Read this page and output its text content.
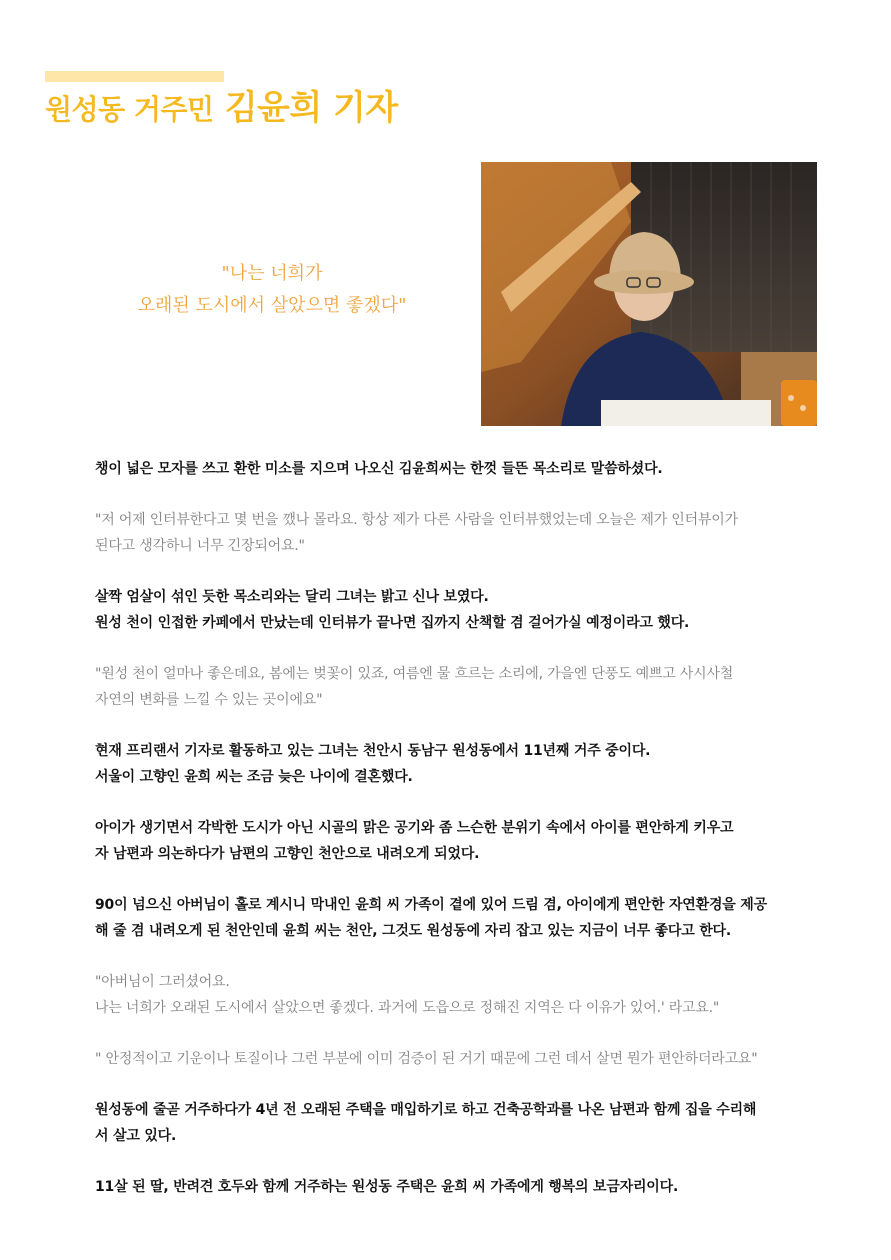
원성동 거주민 김윤희 기자
"나는 너희가
오래된 도시에서 살았으면 좋겠다"

챙이 넓은 모자를 쓰고 환한 미소를 지으며 나오신 김윤희씨는 한껏 들뜬 목소리로 말씀하셨다.

"저 어제 인터뷰한다고 몇 번을 깼나 몰라요. 항상 제가 다른 사람을 인터뷰했었는데 오늘은 제가 인터뷰이가
된다고 생각하니 너무 긴장되어요."

살짝 엄살이 섞인 듯한 목소리와는 달리 그녀는 밝고 신나 보였다.
원성 천이 인접한 카페에서 만났는데 인터뷰가 끝나면 집까지 산책할 겸 걸어가실 예정이라고 했다.

"원성 천이 얼마나 좋은데요, 봄에는 벚꽃이 있죠, 여름엔 물 흐르는 소리에, 가을엔 단풍도 예쁘고 사시사철
자연의 변화를 느낄 수 있는 곳이에요"

현재 프리랜서 기자로 활동하고 있는 그녀는 천안시 동남구 원성동에서 11년째 거주 중이다.
서울이 고향인 윤희 씨는 조금 늦은 나이에 결혼했다.

아이가 생기면서 각박한 도시가 아닌 시골의 맑은 공기와 좀 느슨한 분위기 속에서 아이를 편안하게 키우고
자 남편과 의논하다가 남편의 고향인 천안으로 내려오게 되었다.

90이 넘으신 아버님이 홀로 계시니 막내인 윤희 씨 가족이 곁에 있어 드림 겸, 아이에게 편안한 자연환경을 제공
해 줄 겸 내려오게 된 천안인데 윤희 씨는 천안, 그것도 원성동에 자리 잡고 있는 지금이 너무 좋다고 한다.

"아버님이 그러셨어요.
나는 너희가 오래된 도시에서 살았으면 좋겠다. 과거에 도읍으로 정해진 지역은 다 이유가 있어.' 라고요."

" 안정적이고 기운이나 토질이나 그런 부분에 이미 검증이 된 거기 때문에 그런 데서 살면 뭔가 편안하더라고요"

원성동에 줄곧 거주하다가 4년 전 오래된 주택을 매입하기로 하고 건축공학과를 나온 남편과 함께 집을 수리해
서 살고 있다.

11살 된 딸, 반려견 호두와 함께 거주하는 원성동 주택은 윤희 씨 가족에게 행복의 보금자리이다.
